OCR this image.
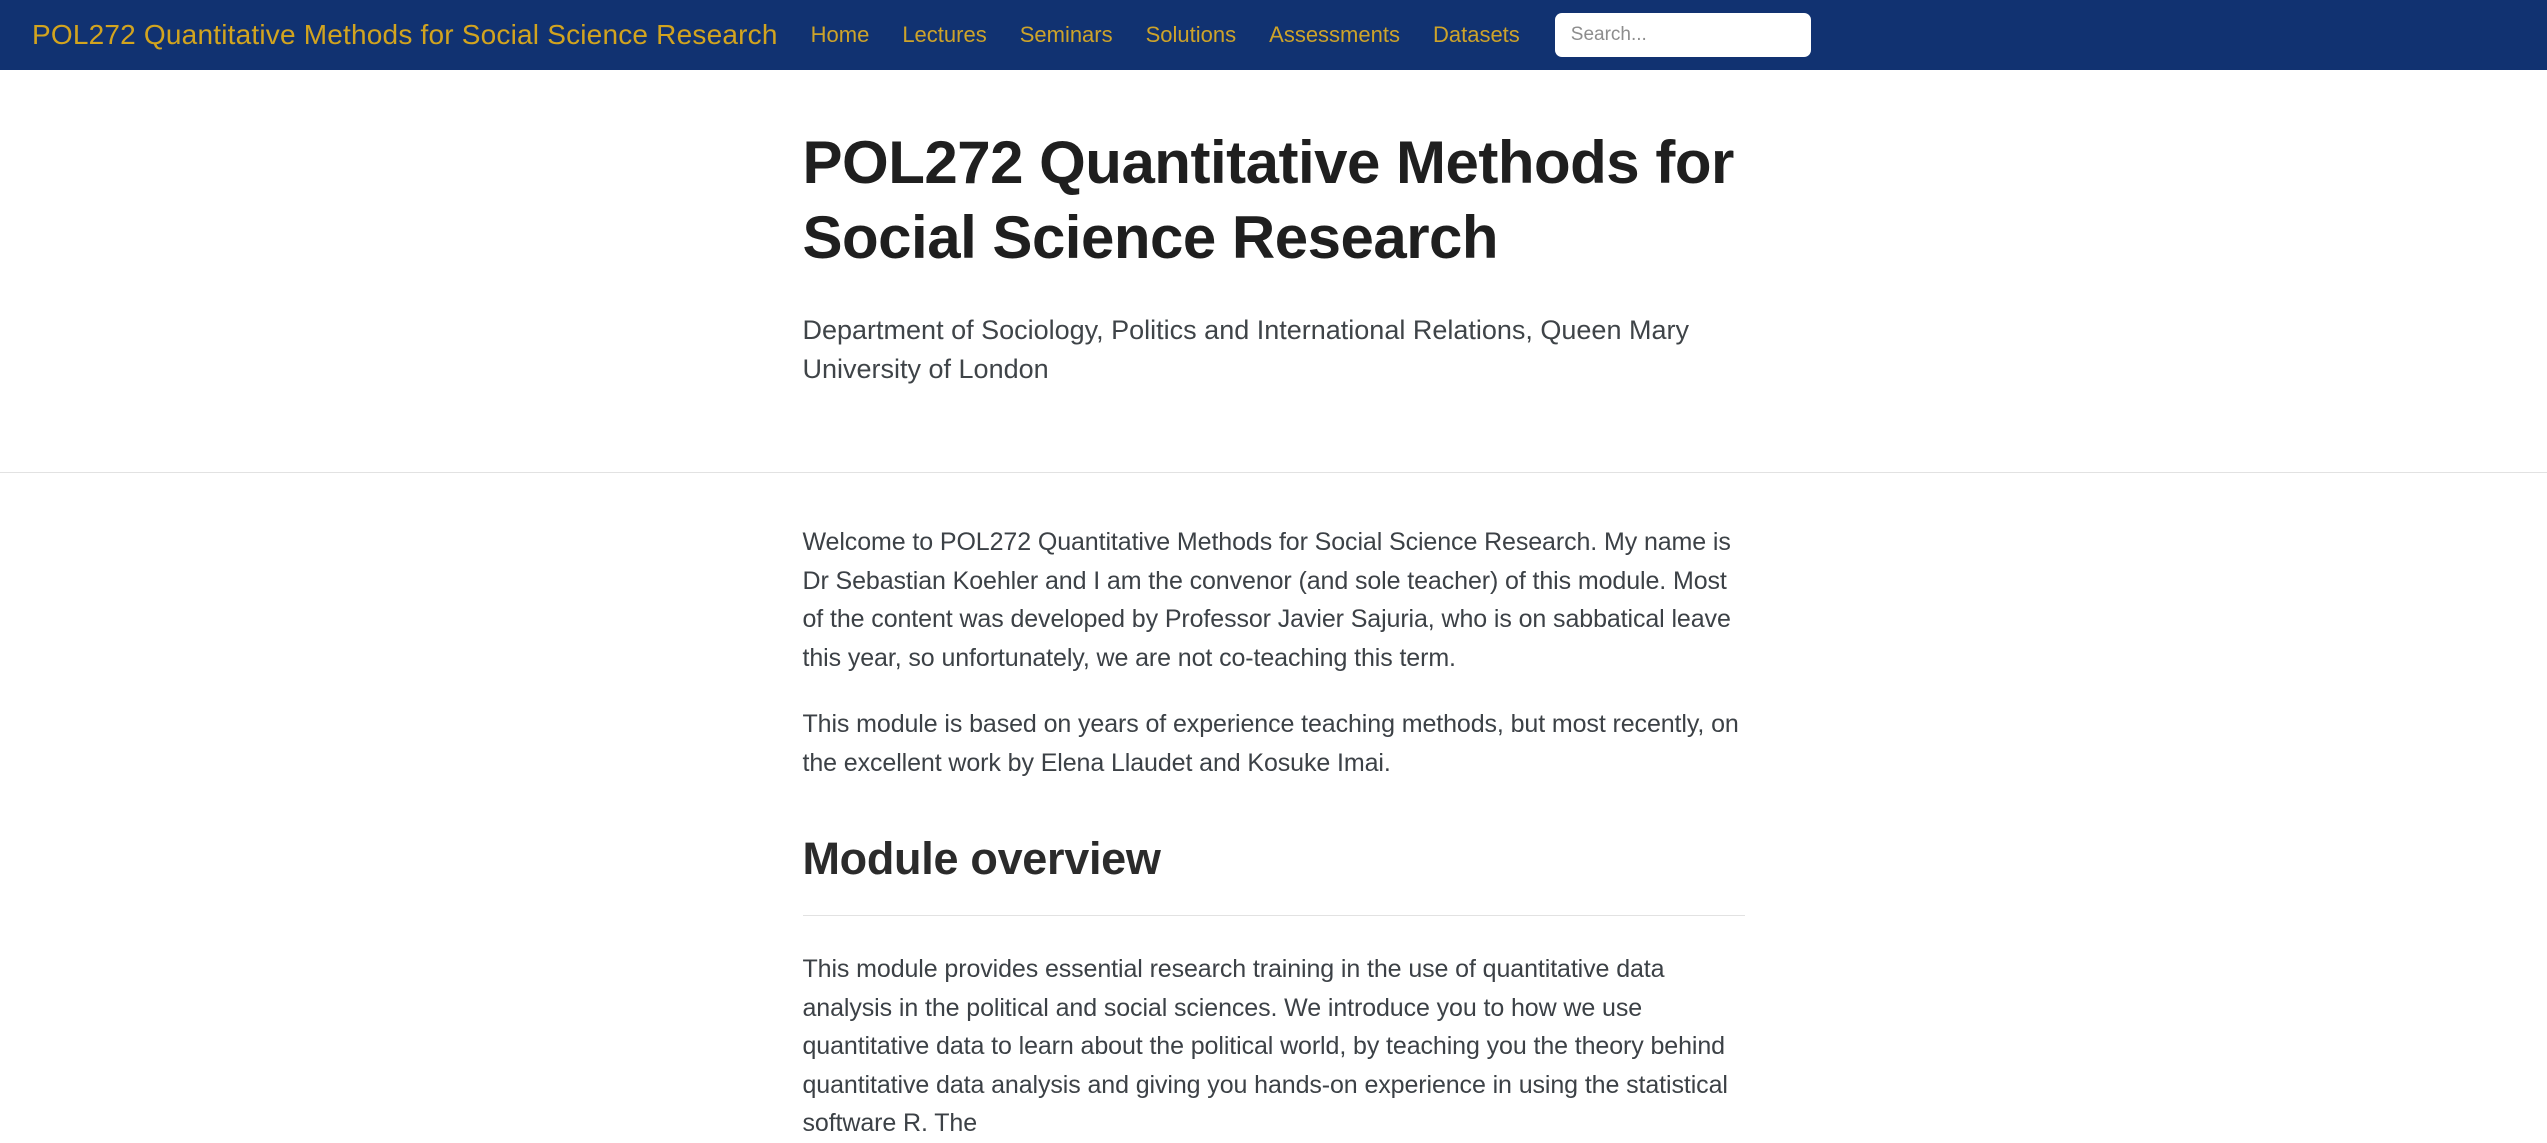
POL272 Quantitative Methods for Social Science Research Home Lectures Seminars Solutions Assessments Datasets
Search...
POL272 Quantitative Methods for Social Science Research

Department of Sociology, Politics and International Relations, Queen Mary University of London

Welcome to POL272 Quantitative Methods for Social Science Research. My name is Dr Sebastian Koehler and I am the convenor (and sole teacher) of this module. Most of the content was developed by Professor Javier Sajuria, who is on sabbatical leave this year, so unfortunately, we are not co-teaching this term.

This module is based on years of experience teaching methods, but most recently, on the excellent work by Elena Llaudet and Kosuke Imai.

Module overview

This module provides essential research training in the use of quantitative data analysis in the political and social sciences. We introduce you to how we use quantitative data to learn about the political world, by teaching you the theory behind quantitative data analysis and giving you hands-on experience in using the statistical software R. The
